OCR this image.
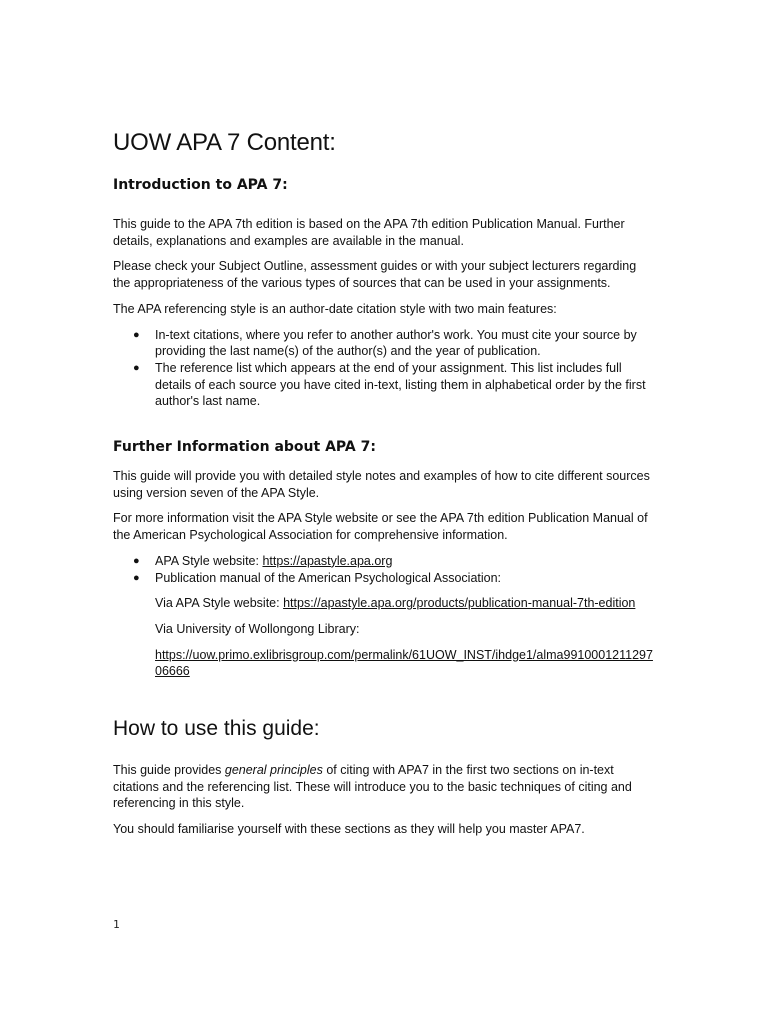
UOW APA 7 Content:
Introduction to APA 7:

This guide to the APA 7th edition is based on the APA 7th edition Publication Manual. Further details, explanations and examples are available in the manual.

Please check your Subject Outline, assessment guides or with your subject lecturers regarding the appropriateness of the various types of sources that can be used in your assignments.

The APA referencing style is an author-date citation style with two main features:

● In-text citations, where you refer to another author's work. You must cite your source by providing the last name(s) of the author(s) and the year of publication.
● The reference list which appears at the end of your assignment. This list includes full details of each source you have cited in-text, listing them in alphabetical order by the first author's last name.
Further Information about APA 7:

This guide will provide you with detailed style notes and examples of how to cite different sources using version seven of the APA Style.

For more information visit the APA Style website or see the APA 7th edition Publication Manual of the American Psychological Association for comprehensive information.

● APA Style website: https://apastyle.apa.org
● Publication manual of the American Psychological Association:
Via APA Style website: https://apastyle.apa.org/products/publication-manual-7th-edition
Via University of Wollongong Library:
https://uow.primo.exlibrisgroup.com/permalink/61UOW_INST/ihdge1/alma991000121129706666
How to use this guide:

This guide provides general principles of citing with APA7 in the first two sections on in-text citations and the referencing list. These will introduce you to the basic techniques of citing and referencing in this style.

You should familiarise yourself with these sections as they will help you master APA7.

1
